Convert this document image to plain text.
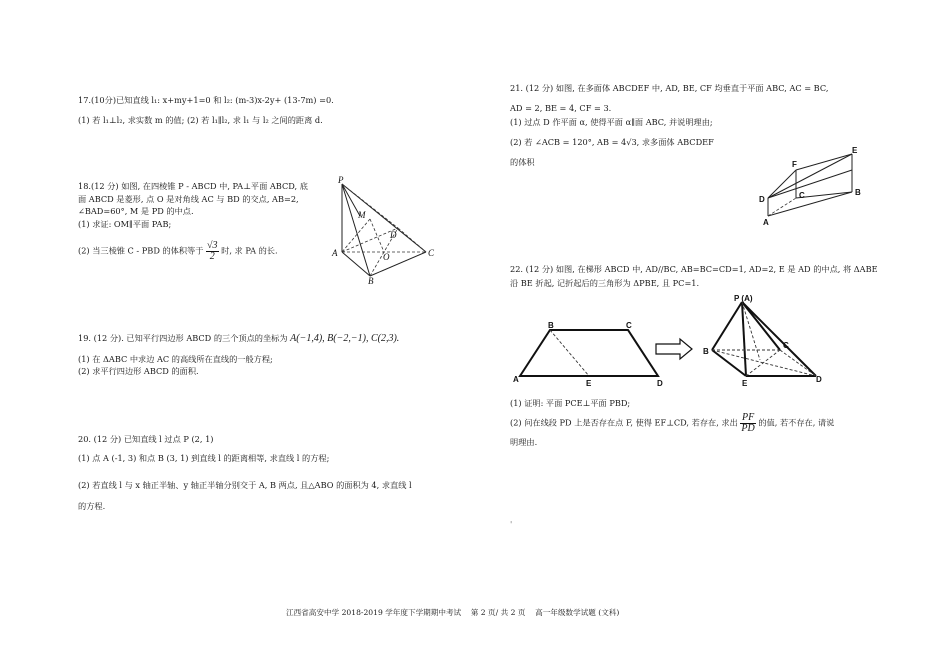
17.(10分)已知直线 l₁: x+my+1=0 和 l₂: (m-3)x-2y+ (13-7m) =0.
(1) 若 l₁⊥l₂, 求实数 m 的值; (2) 若 l₁∥l₂, 求 l₁ 与 l₂ 之间的距离 d.
18.(12 分) 如图, 在四棱锥 P - ABCD 中, PA⊥平面 ABCD, 底
面 ABCD 是菱形, 点 O 是对角线 AC 与 BD 的交点, AB=2,
∠BAD=60°, M 是 PD 的中点.
(1) 求证: OM∥平面 PAB;
(2) 当三棱锥 C - PBD 的体积等于 $\frac{√3}{2}$ 时, 求 PA 的长.
P
M
D
O
A
B
C
19. (12 分). 已知平行四边形 ABCD 的三个顶点的坐标为 A(−1,4), B(−2,−1), C(2,3).
(1) 在 ΔABC 中求边 AC 的高线所在直线的一般方程;
(2) 求平行四边形 ABCD 的面积.
20. (12 分) 已知直线 l 过点 P (2, 1)
(1) 点 A (-1, 3) 和点 B (3, 1) 到直线 l 的距离相等, 求直线 l 的方程;
(2) 若直线 l 与 x 轴正半轴、y 轴正半轴分别交于 A, B 两点, 且△ABO 的面积为 4, 求直线 l
的方程.
21. (12 分) 如图, 在多面体 ABCDEF 中, AD, BE, CF 均垂直于平面 ABC, AC = BC,
AD = 2, BE = 4, CF = 3.
(1) 过点 D 作平面 α, 使得平面 α∥面 ABC, 并说明理由;
(2) 若 ∠ACB = 120°, AB = 4√3, 求多面体 ABCDEF
的体积	F
E
D	C	B
A
22. (12 分) 如图, 在梯形 ABCD 中, AD//BC, AB=BC=CD=1, AD=2, E 是 AD 的中点, 将 ΔABE
沿 BE 折起, 记折起后的三角形为 ΔPBE, 且 PC=1.
B	C
A	E	D
P (A)
B
C
E	D
(1) 证明: 平面 PCE⊥平面 PBD;
(2) 问在线段 PD 上是否存在点 F, 使得 EF⊥CD, 若存在, 求出 $\frac{PF}{PD}$ 的值, 若不存在, 请说
明理由.
'
江西省高安中学 2018-2019 学年度下学期期中考试    第 2 页/ 共 2 页    高一年级数学试题 (文科)
